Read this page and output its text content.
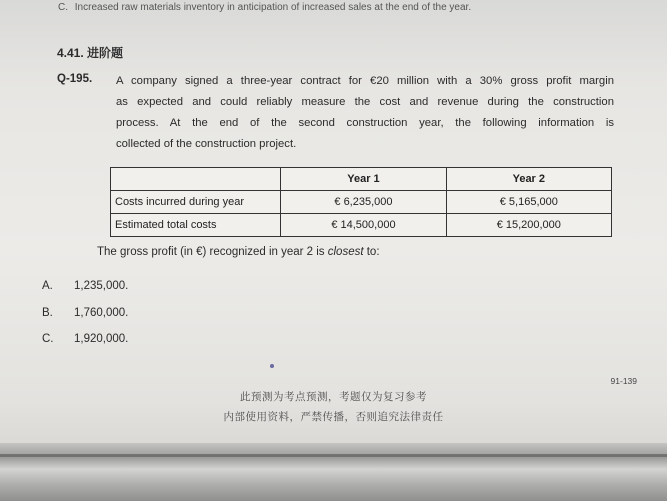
C. Increased raw materials inventory in anticipation of increased sales at the end of the year.
4.41. 进阶题
Q-195. A company signed a three-year contract for €20 million with a 30% gross profit margin
as expected and could reliably measure the cost and revenue during the construction
process. At the end of the second construction year, the following information is
collected of the construction project.
	Year 1	Year 2
Costs incurred during year	€ 6,235,000	€ 5,165,000
Estimated total costs	€ 14,500,000	€ 15,200,000
The gross profit (in €) recognized in year 2 is closest to:
A. 1,235,000.
B. 1,760,000.
C. 1,920,000.
91-139
此预测为考点预测，考题仅为复习参考
内部使用资料，严禁传播，否则追究法律责任
